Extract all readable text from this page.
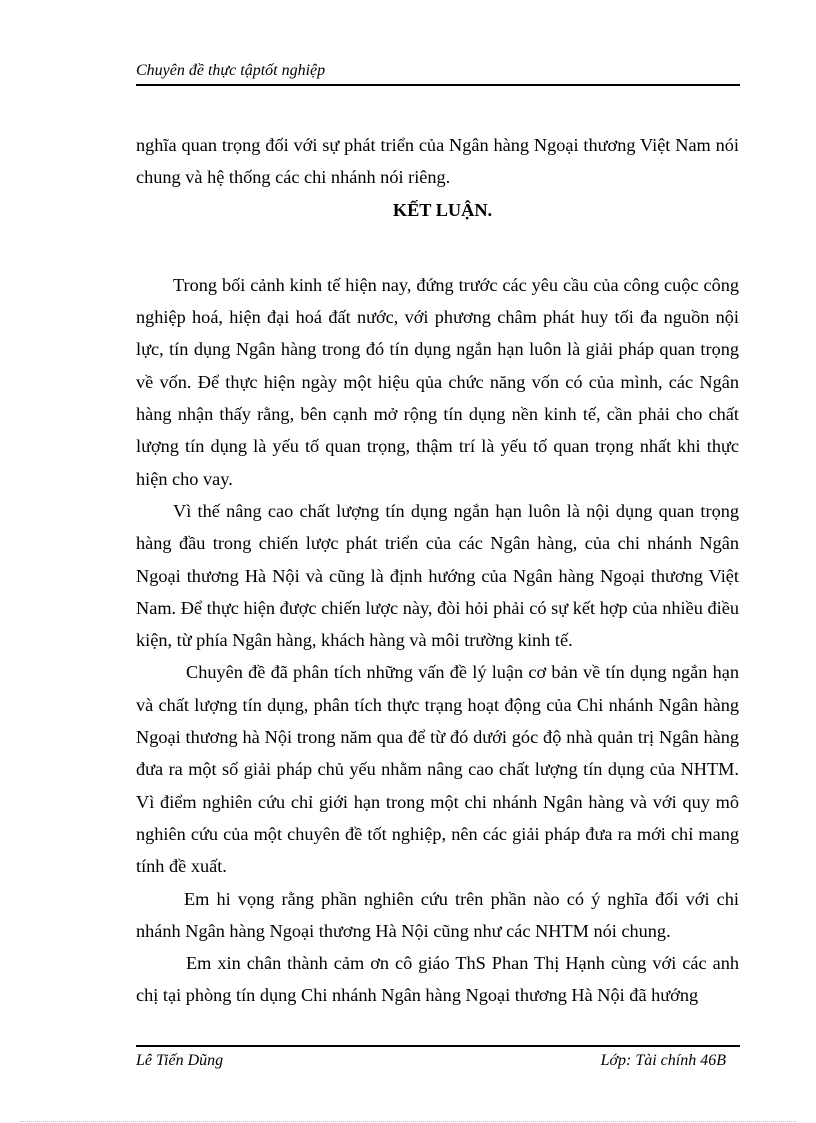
Chuyên đề thực tậptốt nghiệp

nghĩa quan trọng đối với sự phát triển của Ngân hàng Ngoại thương Việt Nam nói chung và hệ thống các chi nhánh nói riêng.

KẾT LUẬN.

Trong bối cảnh kinh tế hiện nay, đứng trước các yêu cầu của công cuộc công nghiệp hoá, hiện đại hoá đất nước, với phương châm phát huy tối đa nguồn nội lực, tín dụng Ngân hàng trong đó tín dụng ngắn hạn luôn là giải pháp quan trọng về vốn. Để thực hiện ngày một hiệu qủa chức năng vốn có của mình, các Ngân hàng nhận thấy rằng, bên cạnh mở rộng tín dụng nền kinh tế, cần phải cho chất lượng tín dụng là yếu tố quan trọng, thậm trí là yếu tố quan trọng nhất khi thực hiện cho vay.

Vì thế nâng cao chất lượng tín dụng ngắn hạn luôn là nội dụng quan trọng hàng đầu trong chiến lược phát triển của các Ngân hàng, của chi nhánh Ngân Ngoại thương Hà Nội và cũng là định hướng của Ngân hàng Ngoại thương Việt Nam. Để thực hiện được chiến lược này, đòi hỏi phải có sự kết hợp của nhiều điều kiện, từ phía Ngân hàng, khách hàng và môi trường kinh tế.

Chuyên đề đã phân tích những vấn đề lý luận cơ bản về tín dụng ngắn hạn và chất lượng tín dụng, phân tích thực trạng hoạt động của Chi nhánh Ngân hàng Ngoại thương hà Nội trong năm qua để từ đó dưới góc độ nhà quản trị Ngân hàng đưa ra một số giải pháp chủ yếu nhằm nâng cao chất lượng tín dụng của NHTM. Vì điểm nghiên cứu chỉ giới hạn trong một chi nhánh Ngân hàng và với quy mô nghiên cứu của một chuyên đề tốt nghiệp, nên các giải pháp đưa ra mới chỉ mang tính đề xuất.

Em hi vọng rằng phần nghiên cứu trên phần nào có ý nghĩa đối với chi nhánh Ngân hàng Ngoại thương Hà Nội cũng như các NHTM nói chung.

Em xin chân thành cảm ơn cô giáo ThS Phan Thị Hạnh cùng với các anh chị tại phòng tín dụng Chi nhánh Ngân hàng Ngoại thương Hà Nội đã hướng

Lê Tiến Dũng	Lớp: Tài chính 46B
